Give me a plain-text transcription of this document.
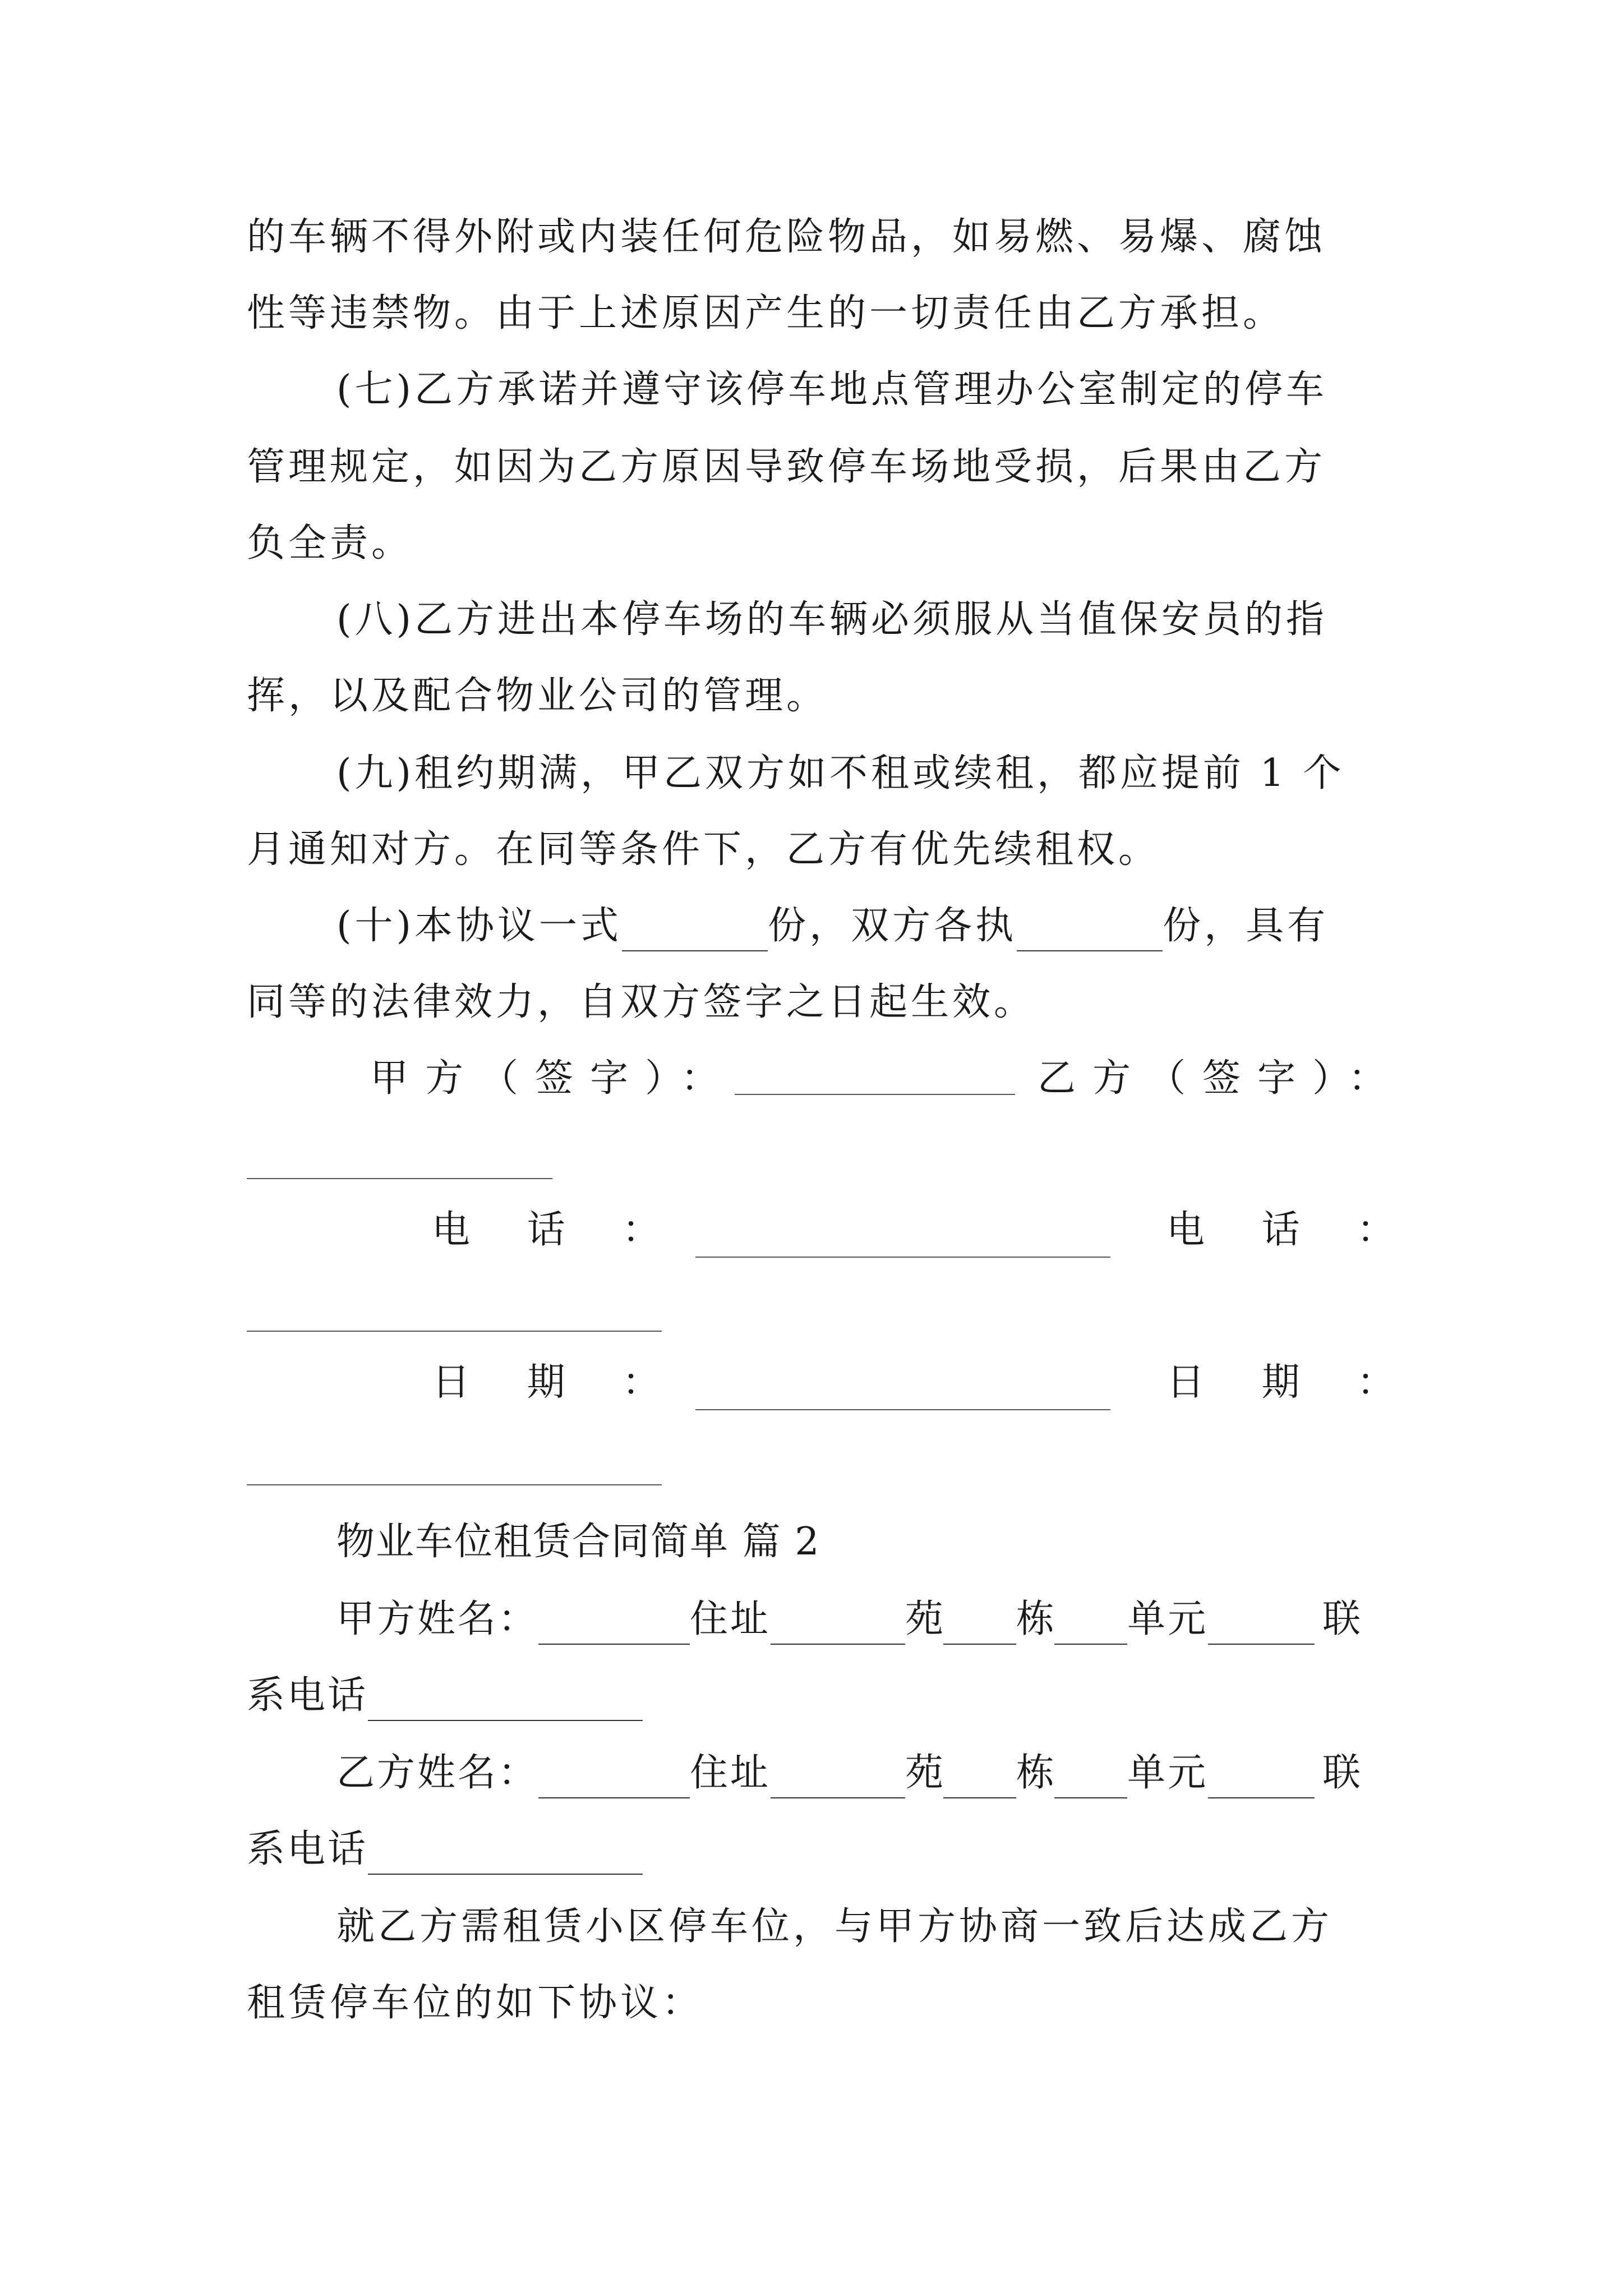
的车辆不得外附或内装任何危险物品，如易燃、易爆、腐蚀
性等违禁物。由于上述原因产生的一切责任由乙方承担。
(七)乙方承诺并遵守该停车地点管理办公室制定的停车
管理规定，如因为乙方原因导致停车场地受损，后果由乙方
负全责。
(八)乙方进出本停车场的车辆必须服从当值保安员的指
挥，以及配合物业公司的管理。
(九)租约期满，甲乙双方如不租或续租，都应提前 1 个
月通知对方。在同等条件下，乙方有优先续租权。
(十)本协议一式	份，双方各执	份，具有
同等的法律效力，自双方签字之日起生效。
甲方（签字）：	乙方（签字）：
电 话 ：	电 话 ：
日 期 ：	日 期 ：
物业车位租赁合同简单 篇 2
甲方姓名：	住址	苑 栋 单元	联
系电话
乙方姓名：	住址	苑 栋 单元	联
系电话
就乙方需租赁小区停车位，与甲方协商一致后达成乙方
租赁停车位的如下协议：
